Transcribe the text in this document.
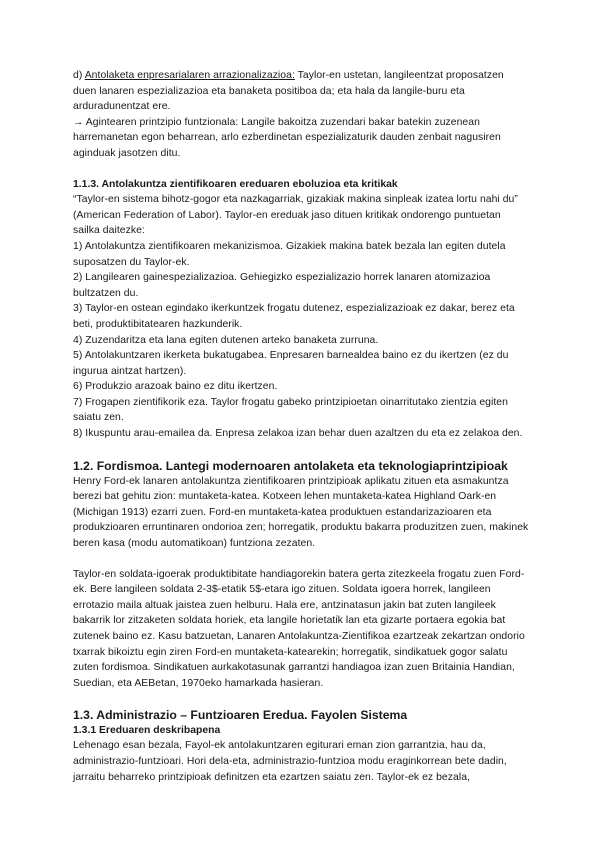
d) Antolaketa enpresarialaren arrazionalizazioa: Taylor-en ustetan, langileentzat proposatzen duen lanaren espezializazioa eta banaketa positiboa da; eta hala da langile-buru eta arduradunentzat ere.

→ Agintearen printzipio funtzionala: Langile bakoitza zuzendari bakar batekin zuzenean harremanetan egon beharrean, arlo ezberdinetan espezializaturik dauden zenbait nagusiren aginduak jasotzen ditu.

1.1.3. Antolakuntza zientifikoaren ereduaren eboluzioa eta kritikak

“Taylor-en sistema bihotz-gogor eta nazkagarriak, gizakiak makina sinpleak izatea lortu nahi du” (American Federation of Labor). Taylor-en ereduak jaso dituen kritikak ondorengo puntuetan sailka daitezke:

1) Antolakuntza zientifikoaren mekanizismoa. Gizakiek makina batek bezala lan egiten dutela suposatzen du Taylor-ek.

2) Langilearen gainespezializazioa. Gehiegizko espezializazio horrek lanaren atomizazioa bultzatzen du.

3) Taylor-en ostean egindako ikerkuntzek frogatu dutenez, espezializazioak ez dakar, berez eta beti, produktibitatearen hazkunderik.

4) Zuzendaritza eta lana egiten dutenen arteko banaketa zurruna.

5) Antolakuntzaren ikerketa bukatugabea. Enpresaren barnealdea baino ez du ikertzen (ez du ingurua aintzat hartzen).

6) Produkzio arazoak baino ez ditu ikertzen.

7) Frogapen zientifikorik eza. Taylor frogatu gabeko printzipioetan oinarritutako zientzia egiten saiatu zen.

8) Ikuspuntu arau-emailea da. Enpresa zelakoa izan behar duen azaltzen du eta ez zelakoa den.

1.2. Fordismoa. Lantegi modernoaren antolaketa eta teknologiaprintzipioak

Henry Ford-ek lanaren antolakuntza zientifikoaren printzipioak aplikatu zituen eta asmakuntza berezi bat gehitu zion: muntaketa-katea. Kotxeen lehen muntaketa-katea Highland Oark-en (Michigan 1913) ezarri zuen. Ford-en muntaketa-katea produktuen estandarizazioaren eta produkzioaren erruntinaren ondorioa zen; horregatik, produktu bakarra produzitzen zuen, makinek beren kasa (modu automatikoan) funtziona zezaten.

Taylor-en soldata-igoerak produktibitate handiagorekin batera gerta zitezkeela frogatu zuen Ford-ek. Bere langileen soldata 2-3$-etatik 5$-etara igo zituen. Soldata igoera horrek, langileen errotazio maila altuak jaistea zuen helburu. Hala ere, antzinatasun jakin bat zuten langileek bakarrik lor zitzaketen soldata horiek, eta langile horietatik lan eta gizarte portaera egokia bat zutenek baino ez. Kasu batzuetan, Lanaren Antolakuntza-Zientifikoa ezartzeak zekartzan ondorio txarrak bikoiztu egin ziren Ford-en muntaketa-katearekin; horregatik, sindikatuek gogor salatu zuten fordismoa. Sindikatuen aurkakotasunak garrantzi handiagoa izan zuen Britainia Handian, Suedian, eta AEBetan, 1970eko hamarkada hasieran.

1.3. Administrazio – Funtzioaren Eredua. Fayolen Sistema
1.3.1 Ereduaren deskribapena

Lehenago esan bezala, Fayol-ek antolakuntzaren egiturari eman zion garrantzia, hau da, administrazio-funtzioari. Hori dela-eta, administrazio-funtzioa modu eraginkorrean bete dadin, jarraitu beharreko printzipioak definitzen eta ezartzen saiatu zen. Taylor-ek ez bezala,
